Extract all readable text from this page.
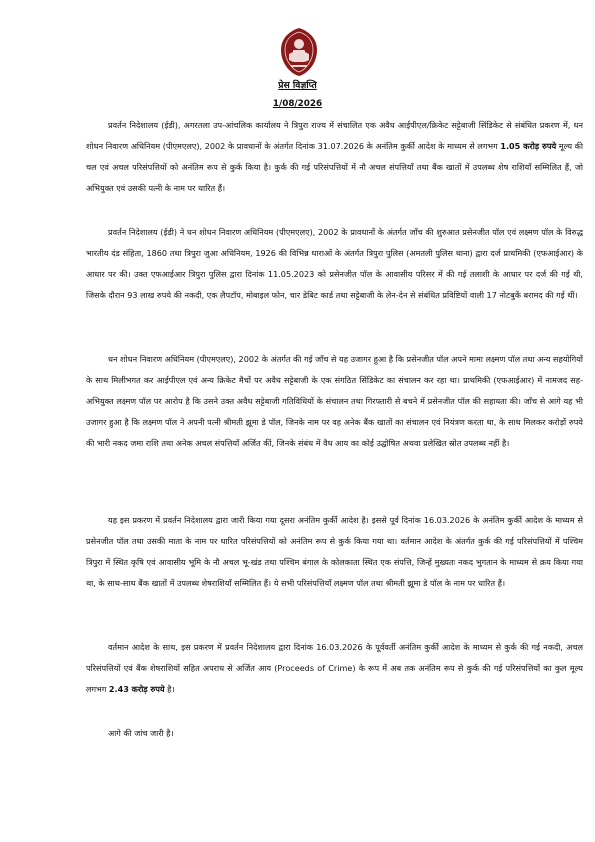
प्रेस विज्ञप्ति
1/08/2026

प्रवर्तन निदेशालय (ईडी), अगरतला उप-आंचलिक कार्यालय ने त्रिपुरा राज्य में संचालित एक अवैध आईपीएल/क्रिकेट सट्टेबाजी सिंडिकेट से संबंधित प्रकरण में, धन शोधन निवारण अधिनियम (पीएमएलए), 2002 के प्रावधानों के अंतर्गत दिनांक 31.07.2026 के अनंतिम कुर्की आदेश के माध्यम से लगभग 1.05 करोड़ रुपये मूल्य की चल एवं अचल परिसंपत्तियों को अनंतिम रूप से कुर्क किया है। कुर्क की गई परिसंपत्तियों में नौ अचल संपत्तियाँ तथा बैंक खातों में उपलब्ध शेष राशियाँ सम्मिलित हैं, जो अभियुक्त एवं उसकी पत्नी के नाम पर धारित हैं।

प्रवर्तन निदेशालय (ईडी) ने धन शोधन निवारण अधिनियम (पीएमएलए), 2002 के प्रावधानों के अंतर्गत जाँच की शुरुआत प्रसेनजीत पॉल एवं लक्ष्मण पॉल के विरुद्ध भारतीय दंड संहिता, 1860 तथा त्रिपुरा जुआ अधिनियम, 1926 की विभिन्न धाराओं के अंतर्गत त्रिपुरा पुलिस (अमतली पुलिस थाना) द्वारा दर्ज प्राथमिकी (एफआईआर) के आधार पर की। उक्त एफआईआर त्रिपुरा पुलिस द्वारा दिनांक 11.05.2023 को प्रसेनजीत पॉल के आवासीय परिसर में की गई तलाशी के आधार पर दर्ज की गई थी, जिसके दौरान 93 लाख रुपये की नकदी, एक लैपटॉप, मोबाइल फोन, चार डेबिट कार्ड तथा सट्टेबाजी के लेन-देन से संबंधित प्रविष्टियों वाली 17 नोटबुकें बरामद की गई थीं।

धन शोधन निवारण अधिनियम (पीएमएलए), 2002 के अंतर्गत की गई जाँच से यह उजागर हुआ है कि प्रसेनजीत पॉल अपने मामा लक्ष्मण पॉल तथा अन्य सहयोगियों के साथ मिलीभगत कर आईपीएल एवं अन्य क्रिकेट मैचों पर अवैध सट्टेबाजी के एक संगठित सिंडिकेट का संचालन कर रहा था। प्राथमिकी (एफआईआर) में नामजद सह-अभियुक्त लक्ष्मण पॉल पर आरोप है कि उसने उक्त अवैध सट्टेबाजी गतिविधियों के संचालन तथा गिरफ्तारी से बचने में प्रसेनजीत पॉल की सहायता की। जाँच से आगे यह भी उजागर हुआ है कि लक्ष्मण पॉल ने अपनी पत्नी श्रीमती झूमा डे पॉल, जिनके नाम पर वह अनेक बैंक खातों का संचालन एवं नियंत्रण करता था, के साथ मिलकर करोड़ों रुपये की भारी नकद जमा राशि तथा अनेक अचल संपत्तियाँ अर्जित कीं, जिनके संबंध में वैध आय का कोई उद्घोषित अथवा प्रलेखित स्रोत उपलब्ध नहीं है।

यह इस प्रकरण में प्रवर्तन निदेशालय द्वारा जारी किया गया दूसरा अनंतिम कुर्की आदेश है। इससे पूर्व दिनांक 16.03.2026 के अनंतिम कुर्की आदेश के माध्यम से प्रसेनजीत पॉल तथा उसकी माता के नाम पर धारित परिसंपत्तियों को अनंतिम रूप से कुर्क किया गया था। वर्तमान आदेश के अंतर्गत कुर्क की गई परिसंपत्तियों में पश्चिम त्रिपुरा में स्थित कृषि एवं आवासीय भूमि के नौ अचल भू-खंड तथा पश्चिम बंगाल के कोलकाता स्थित एक संपत्ति, जिन्हें मुख्यतः नकद भुगतान के माध्यम से क्रय किया गया था, के साथ-साथ बैंक खातों में उपलब्ध शेषराशियाँ सम्मिलित हैं। ये सभी परिसंपत्तियाँ लक्ष्मण पॉल तथा श्रीमती झूमा डे पॉल के नाम पर धारित हैं।

वर्तमान आदेश के साथ, इस प्रकरण में प्रवर्तन निदेशालय द्वारा दिनांक 16.03.2026 के पूर्ववर्ती अनंतिम कुर्की आदेश के माध्यम से कुर्क की गई नकदी, अचल परिसंपत्तियों एवं बैंक शेषराशियों सहित अपराध से अर्जित आय (Proceeds of Crime) के रूप में अब तक अनंतिम रूप से कुर्क की गई परिसंपत्तियों का कुल मूल्य लगभग 2.43 करोड़ रुपये है।

आगे की जांच जारी है।
